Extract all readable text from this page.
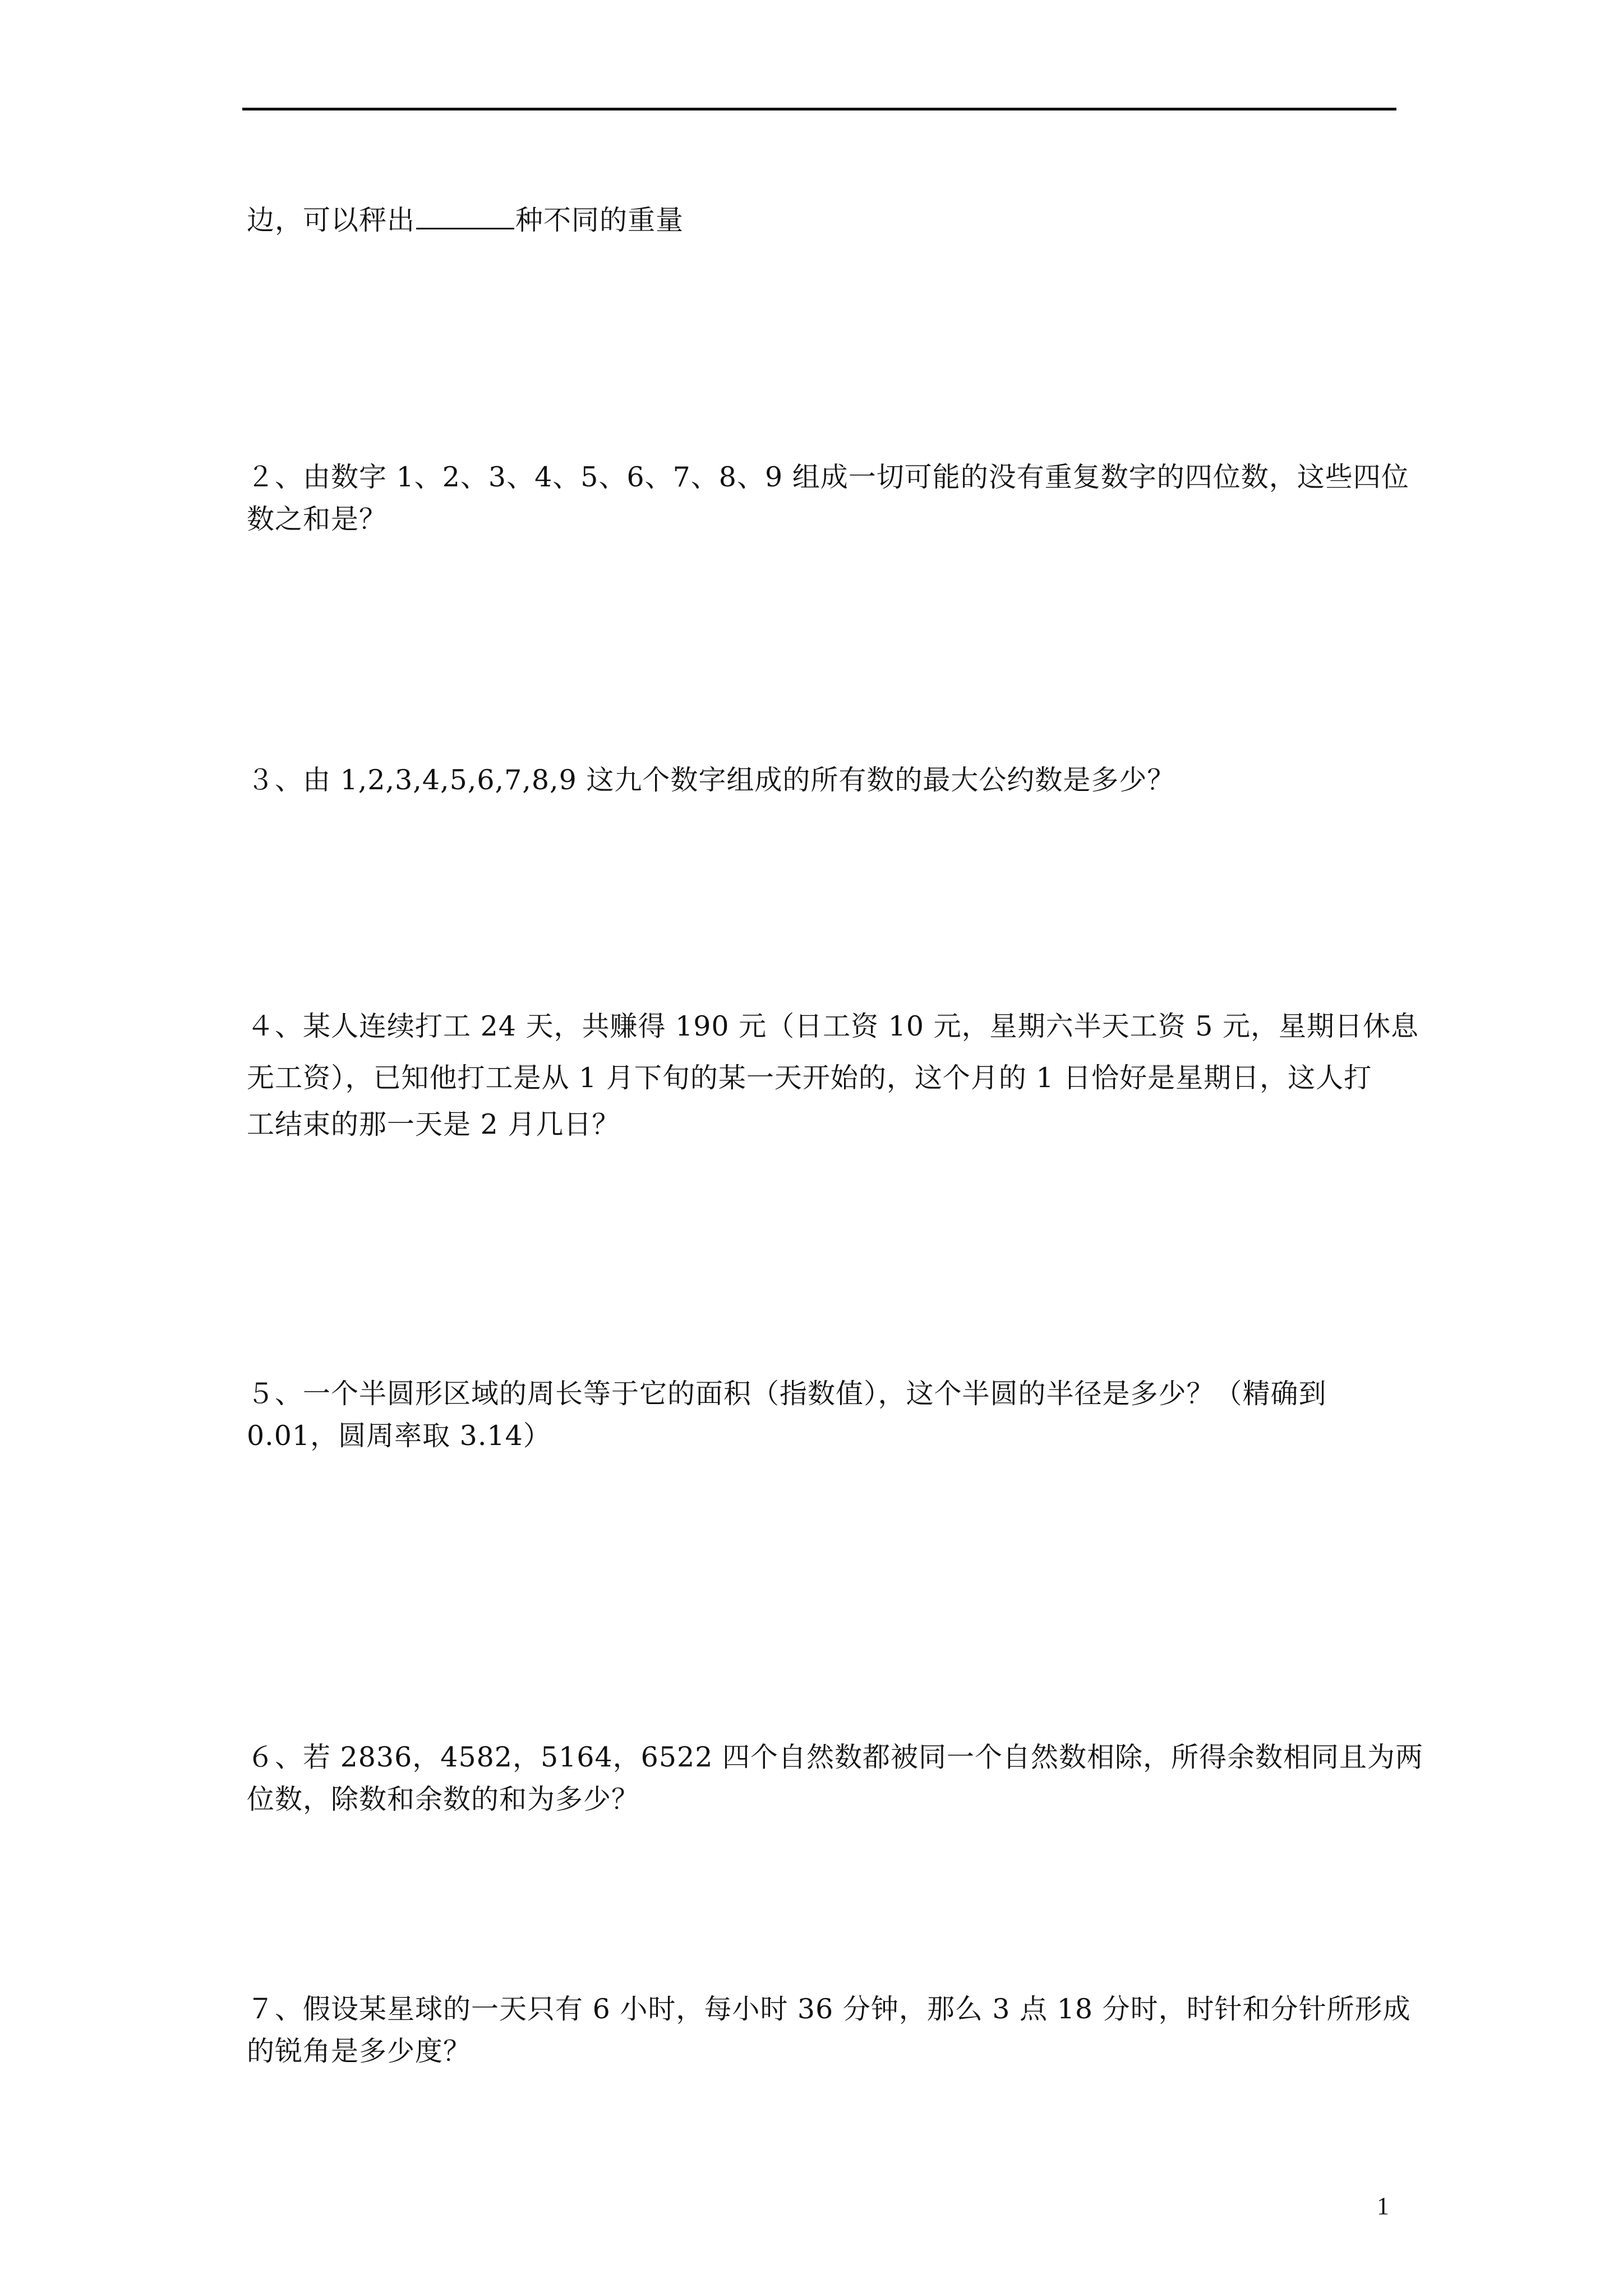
边，可以秤出	种不同的重量
２、由数字 1、2、3、4、5、6、7、8、9 组成一切可能的没有重复数字的四位数，这些四位
数之和是？
３、由 1,2,3,4,5,6,7,8,9 这九个数字组成的所有数的最大公约数是多少？
４、某人连续打工 24 天，共赚得 190 元（日工资 10 元，星期六半天工资 5 元，星期日休息
无工资），已知他打工是从 1 月下旬的某一天开始的，这个月的 1 日恰好是星期日，这人打
工结束的那一天是 2 月几日？
５、一个半圆形区域的周长等于它的面积（指数值），这个半圆的半径是多少？（精确到
0.01，圆周率取 3.14）
６、若 2836，4582，5164，6522 四个自然数都被同一个自然数相除，所得余数相同且为两
位数，除数和余数的和为多少？
７、假设某星球的一天只有 6 小时，每小时 36 分钟，那么 3 点 18 分时，时针和分针所形成
的锐角是多少度？
1
